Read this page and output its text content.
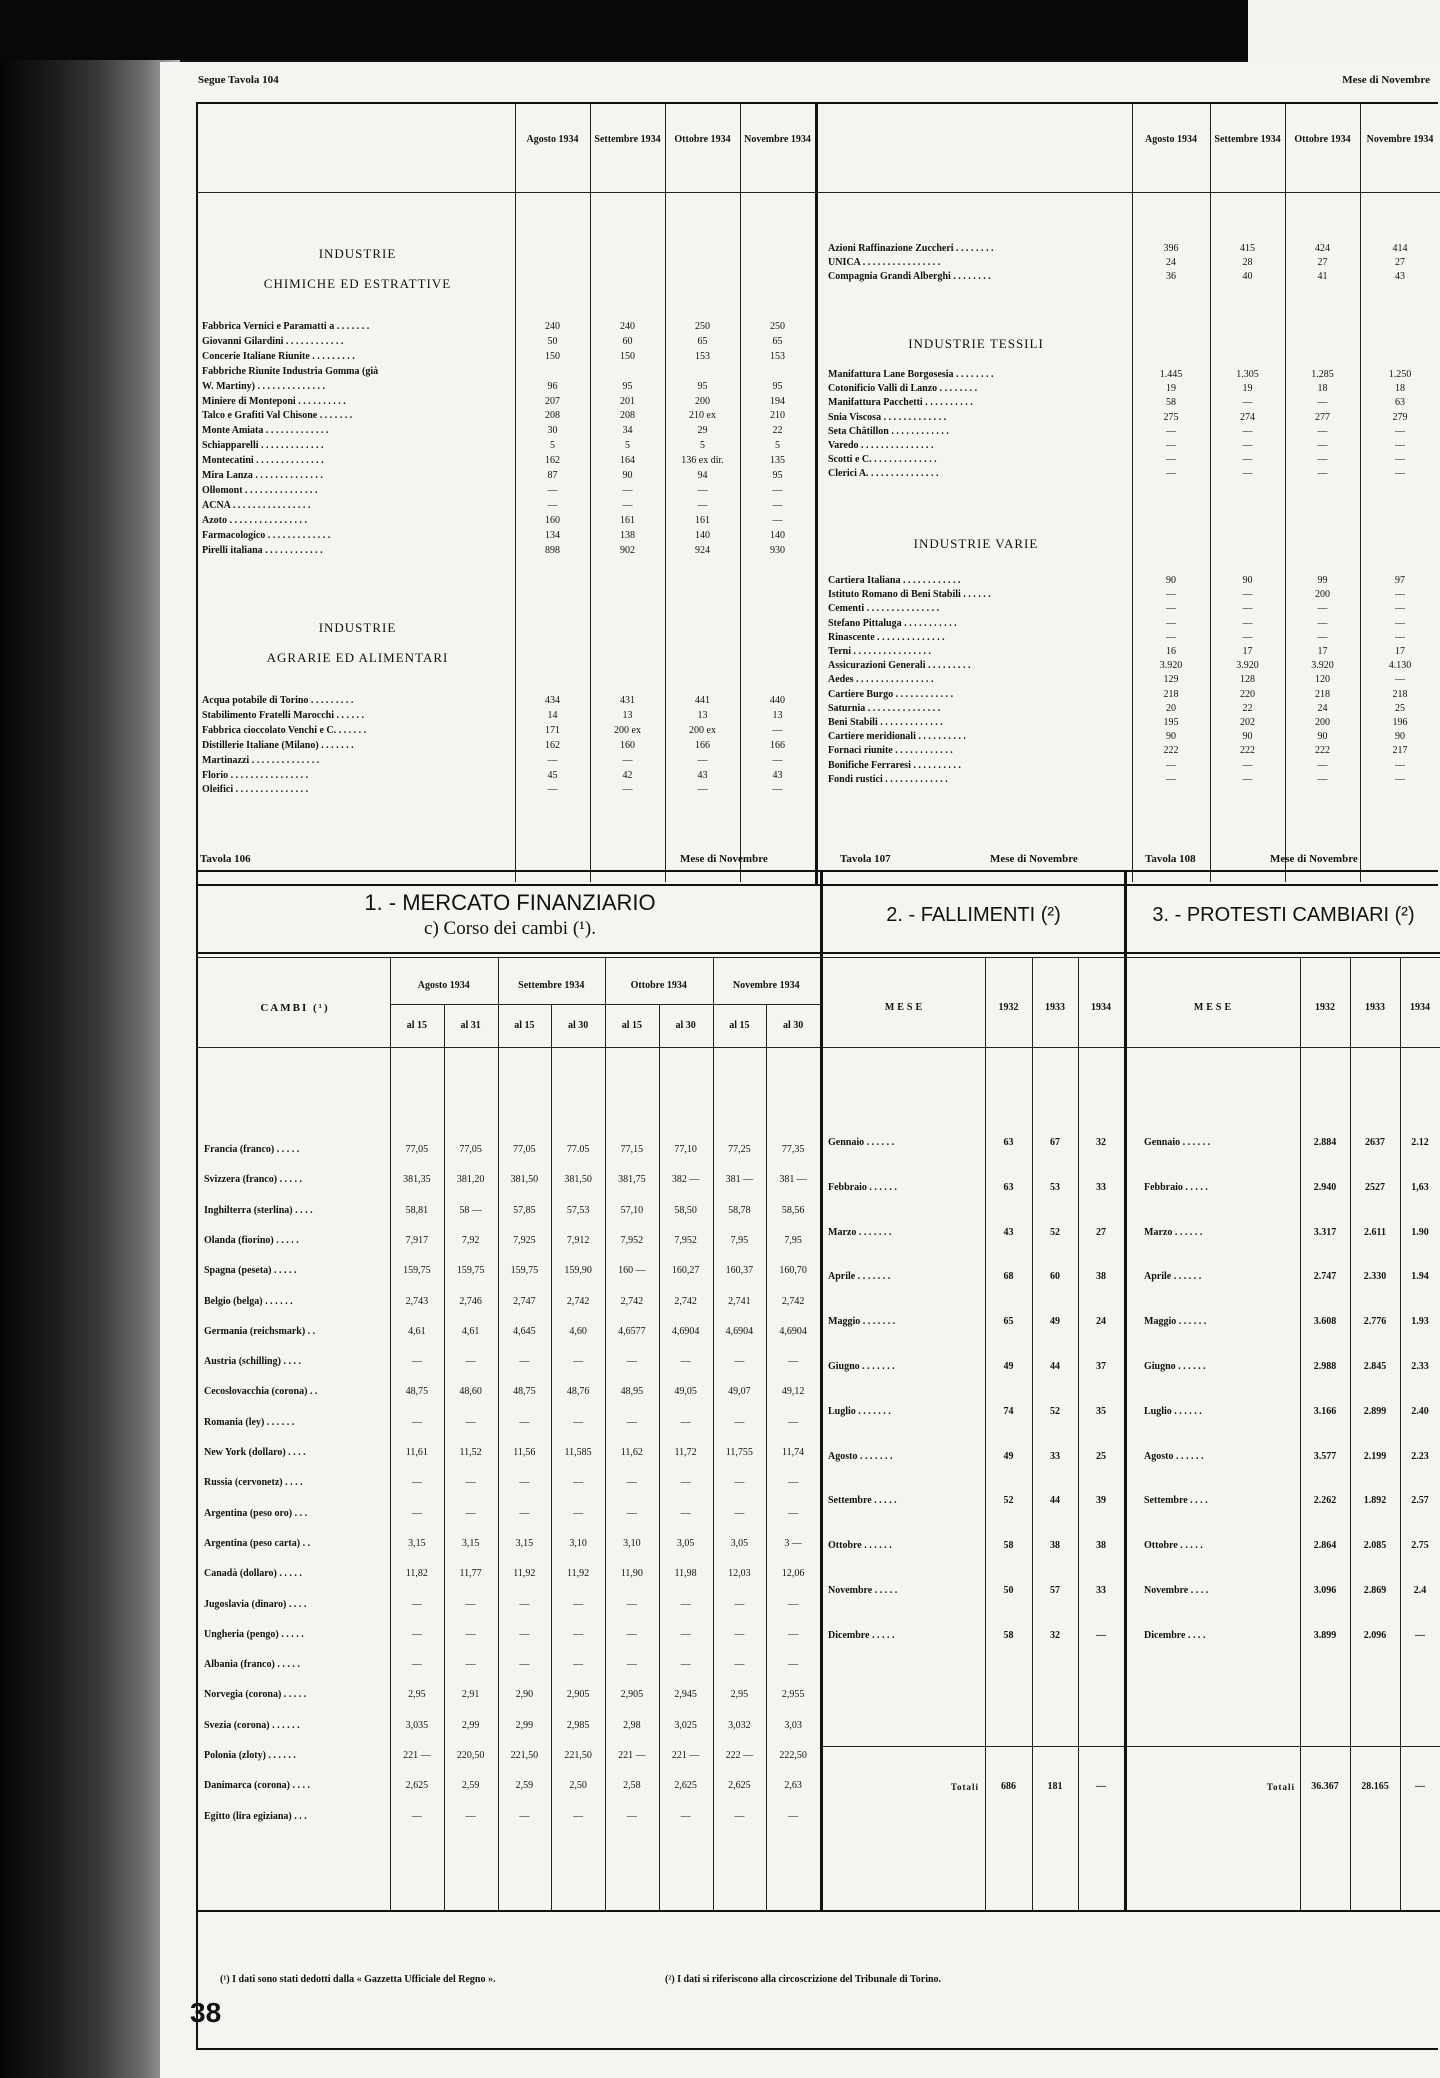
Segue Tavola 104	Mese di Novembre
Agosto 1934	Settembre 1934	Ottobre 1934	Novembre 1934	Agosto 1934	Settembre 1934	Ottobre 1934	Novembre 1934
INDUSTRIE
CHIMICHE ED ESTRATTIVE
INDUSTRIE
AGRARIE ED ALIMENTARI
Fabbrica Vernici e Paramatti a . . . . . . .	240	240	250	250
Giovanni Gilardini . . . . . . . . . . . .	50	60	65	65
Concerie Italiane Riunite . . . . . . . . .	150	150	153	153
Fabbriche Riunite Industria Gomma (già
W. Martiny) . . . . . . . . . . . . . .	96	95	95	95
Miniere di Monteponi . . . . . . . . . .	207	201	200	194
Talco e Grafiti Val Chisone . . . . . . .	208	208	210 ex	210
Monte Amiata . . . . . . . . . . . . .	30	34	29	22
Schiapparelli . . . . . . . . . . . . .	5	5	5	5
Montecatini . . . . . . . . . . . . . .	162	164	136 ex dir.	135
Mira Lanza . . . . . . . . . . . . . .	87	90	94	95
Olłomont . . . . . . . . . . . . . . .	—	—	—	—
ACNA . . . . . . . . . . . . . . . .	—	—	—	—
Azoto . . . . . . . . . . . . . . . .	160	161	161	—
Farmacologico . . . . . . . . . . . . .	134	138	140	140
Pirelli italiana . . . . . . . . . . . .	898	902	924	930
Acqua potabile di Torino . . . . . . . . .	434	431	441	440
Stabilimento Fratelli Marocchi . . . . . .	14	13	13	13
Fabbrica cioccolato Venchi e C. . . . . . .	171	200 ex	200 ex	—
Distillerie Italiane (Milano) . . . . . . .	162	160	166	166
Martinazzi . . . . . . . . . . . . . .	—	—	—	—
Florio . . . . . . . . . . . . . . . .	45	42	43	43
Oleifici . . . . . . . . . . . . . . .	—	—	—	—
INDUSTRIE TESSILI
INDUSTRIE VARIE
Azioni Raffinazione Zuccheri . . . . . . . .	396	415	424	414
UNICA . . . . . . . . . . . . . . . .	24	28	27	27
Compagnia Grandi Alberghi . . . . . . . .	36	40	41	43
Manifattura Lane Borgosesia . . . . . . . .	1.445	1.305	1.285	1.250
Cotonificio Valli di Lanzo . . . . . . . .	19	19	18	18
Manifattura Pacchetti . . . . . . . . . .	58	—	—	63
Snia Viscosa . . . . . . . . . . . . .	275	274	277	279
Seta Châtillon . . . . . . . . . . . .	—	—	—	—
Varedo . . . . . . . . . . . . . . .	—	—	—	—
Scotti e C. . . . . . . . . . . . . .	—	—	—	—
Clerici A. . . . . . . . . . . . . . .	—	—	—	—
Cartiera Italiana . . . . . . . . . . . .	90	90	99	97
Istituto Romano di Beni Stabili . . . . . .	—	—	200	—
Cementi . . . . . . . . . . . . . . .	—	—	—	—
Stefano Pittaluga . . . . . . . . . . .	—	—	—	—
Rinascente . . . . . . . . . . . . . .	—	—	—	—
Terni . . . . . . . . . . . . . . . .	16	17	17	17
Assicurazioni Generali . . . . . . . . .	3.920	3.920	3.920	4.130
Aedes . . . . . . . . . . . . . . . .	129	128	120	—
Cartiere Burgo . . . . . . . . . . . .	218	220	218	218
Saturnia . . . . . . . . . . . . . . .	20	22	24	25
Beni Stabili . . . . . . . . . . . . .	195	202	200	196
Cartiere meridionali . . . . . . . . . .	90	90	90	90
Fornaci riunite . . . . . . . . . . . .	222	222	222	217
Bonifiche Ferraresi . . . . . . . . . .	—	—	—	—
Fondi rustici . . . . . . . . . . . . .	—	—	—	—
Tavola 106	Mese di Novembre	Tavola 107	Mese di Novembre	Tavola 108	Mese di Novembre
1. - MERCATO FINANZIARIO
c) Corso dei cambi (¹).
2. - FALLIMENTI (²)	3. - PROTESTI CAMBIARI (²)
al 15	al 31	al 15	al 30	al 15	al 30	al 15	al 30
Agosto 1934	Settembre 1934	Ottobre 1934	Novembre 1934
CAMBI (¹)	MESE	1932	1933	1934	MESE	1932	1933	1934
Francia (franco) . . . . .	77,05	77,05	77,05	77.05	77,15	77,10	77,25	77,35
Svizzera (franco) . . . . .	381,35	381,20	381,50	381,50	381,75	382 —	381 —	381 —
Inghilterra (sterlina) . . . .	58,81	58 —	57,85	57,53	57,10	58,50	58,78	58,56
Olanda (fiorino) . . . . .	7,917	7,92	7,925	7,912	7,952	7,952	7,95	7,95
Spagna (peseta) . . . . .	159,75	159,75	159,75	159,90	160 —	160,27	160,37	160,70
Belgio (belga) . . . . . .	2,743	2,746	2,747	2,742	2,742	2,742	2,741	2,742
Germania (reichsmark) . .	4,61	4,61	4,645	4,60	4,6577	4,6904	4,6904	4,6904
Austria (schilling) . . . .	—	—	—	—	—	—	—	—
Cecoslovacchia (corona) . .	48,75	48,60	48,75	48,76	48,95	49,05	49,07	49,12
Romania (ley) . . . . . .	—	—	—	—	—	—	—	—
New York (dollaro) . . . .	11,61	11,52	11,56	11,585	11,62	11,72	11,755	11,74
Russia (cervonetz) . . . .	—	—	—	—	—	—	—	—
Argentina (peso oro) . . .	—	—	—	—	—	—	—	—
Argentina (peso carta) . .	3,15	3,15	3,15	3,10	3,10	3,05	3,05	3 —
Canadà (dollaro) . . . . .	11,82	11,77	11,92	11,92	11,90	11,98	12,03	12,06
Jugoslavia (dinaro) . . . .	—	—	—	—	—	—	—	—
Ungheria (pengo) . . . . .	—	—	—	—	—	—	—	—
Albania (franco) . . . . .	—	—	—	—	—	—	—	—
Norvegia (corona) . . . . .	2,95	2,91	2,90	2,905	2,905	2,945	2,95	2,955
Svezia (corona) . . . . . .	3,035	2,99	2,99	2,985	2,98	3,025	3,032	3,03
Polonia (zloty) . . . . . .	221 —	220,50	221,50	221,50	221 —	221 —	222 —	222,50
Danimarca (corona) . . . .	2,625	2,59	2,59	2,50	2,58	2,625	2,625	2,63
Egitto (lira egiziana) . . .	—	—	—	—	—	—	—	—
Gennaio . . . . . .	63	67	32
Febbraio . . . . . .	63	53	33
Marzo . . . . . . .	43	52	27
Aprile . . . . . . .	68	60	38
Maggio . . . . . . .	65	49	24
Giugno . . . . . . .	49	44	37
Luglio . . . . . . .	74	52	35
Agosto . . . . . . .	49	33	25
Settembre . . . . .	52	44	39
Ottobre . . . . . .	58	38	38
Novembre . . . . .	50	57	33
Dicembre . . . . .	58	32	—
Totali	686	181	—
Gennaio . . . . . .	2.884	2637	2.12
Febbraio . . . . .	2.940	2527	1,63
Marzo . . . . . .	3.317	2.611	1.90
Aprile . . . . . .	2.747	2.330	1.94
Maggio . . . . . .	3.608	2.776	1.93
Giugno . . . . . .	2.988	2.845	2.33
Luglio . . . . . .	3.166	2.899	2.40
Agosto . . . . . .	3.577	2.199	2.23
Settembre . . . .	2.262	1.892	2.57
Ottobre . . . . .	2.864	2.085	2.75
Novembre . . . .	3.096	2.869	2.4
Dicembre . . . .	3.899	2.096	—
Totali	36.367	28.165	—
(¹) I dati sono stati dedotti dalla « Gazzetta Ufficiale del Regno ».	(²) I dati si riferiscono alla circoscrizione del Tribunale di Torino.
38
